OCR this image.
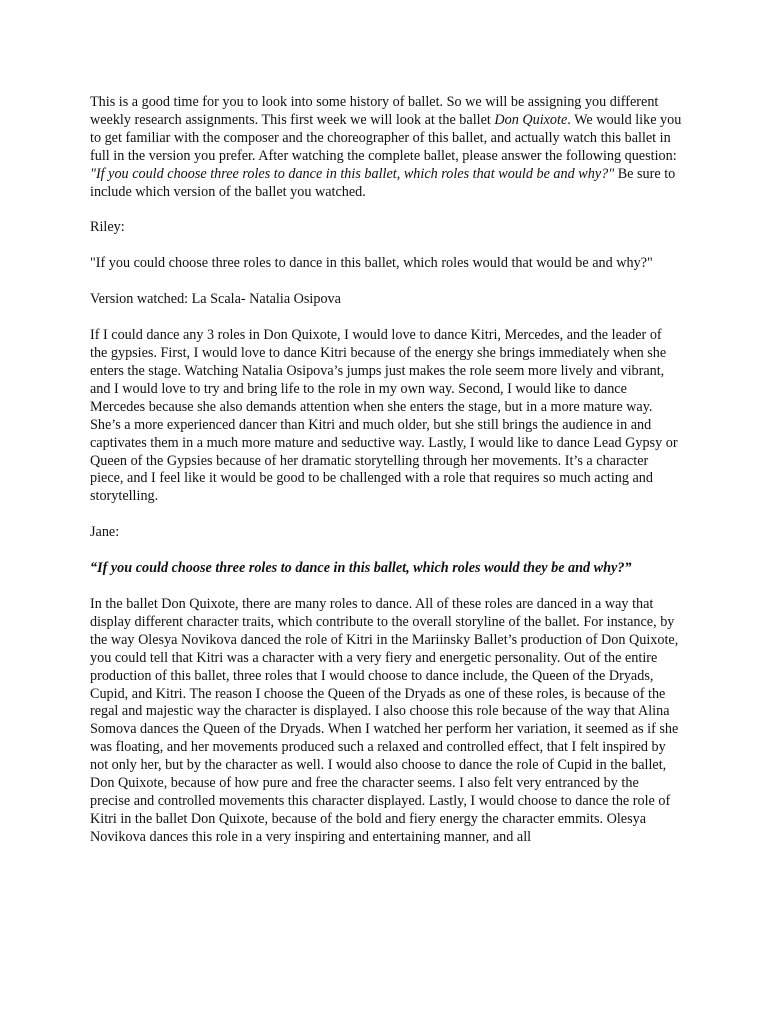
This is a good time for you to look into some history of ballet. So we will be assigning you different weekly research assignments. This first week we will look at the ballet Don Quixote. We would like you to get familiar with the composer and the choreographer of this ballet, and actually watch this ballet in full in the version you prefer. After watching the complete ballet, please answer the following question: "If you could choose three roles to dance in this ballet, which roles that would be and why?" Be sure to include which version of the ballet you watched.

Riley:

"If you could choose three roles to dance in this ballet, which roles would that would be and why?"

Version watched: La Scala- Natalia Osipova

If I could dance any 3 roles in Don Quixote, I would love to dance Kitri, Mercedes, and the leader of the gypsies. First, I would love to dance Kitri because of the energy she brings immediately when she enters the stage. Watching Natalia Osipova’s jumps just makes the role seem more lively and vibrant, and I would love to try and bring life to the role in my own way. Second, I would like to dance Mercedes because she also demands attention when she enters the stage, but in a more mature way. She’s a more experienced dancer than Kitri and much older, but she still brings the audience in and captivates them in a much more mature and seductive way. Lastly, I would like to dance Lead Gypsy or Queen of the Gypsies because of her dramatic storytelling through her movements. It’s a character piece, and I feel like it would be good to be challenged with a role that requires so much acting and storytelling.

Jane:

“If you could choose three roles to dance in this ballet, which roles would they be and why?”

In the ballet Don Quixote, there are many roles to dance. All of these roles are danced in a way that display different character traits, which contribute to the overall storyline of the ballet. For instance, by the way Olesya Novikova danced the role of Kitri in the Mariinsky Ballet’s production of Don Quixote, you could tell that Kitri was a character with a very fiery and energetic personality. Out of the entire production of this ballet, three roles that I would choose to dance include, the Queen of the Dryads, Cupid, and Kitri. The reason I choose the Queen of the Dryads as one of these roles, is because of the regal and majestic way the character is displayed. I also choose this role because of the way that Alina Somova dances the Queen of the Dryads. When I watched her perform her variation, it seemed as if she was floating, and her movements produced such a relaxed and controlled effect, that I felt inspired by not only her, but by the character as well. I would also choose to dance the role of Cupid in the ballet, Don Quixote, because of how pure and free the character seems. I also felt very entranced by the precise and controlled movements this character displayed. Lastly, I would choose to dance the role of Kitri in the ballet Don Quixote, because of the bold and fiery energy the character emmits. Olesya Novikova dances this role in a very inspiring and entertaining manner, and all
